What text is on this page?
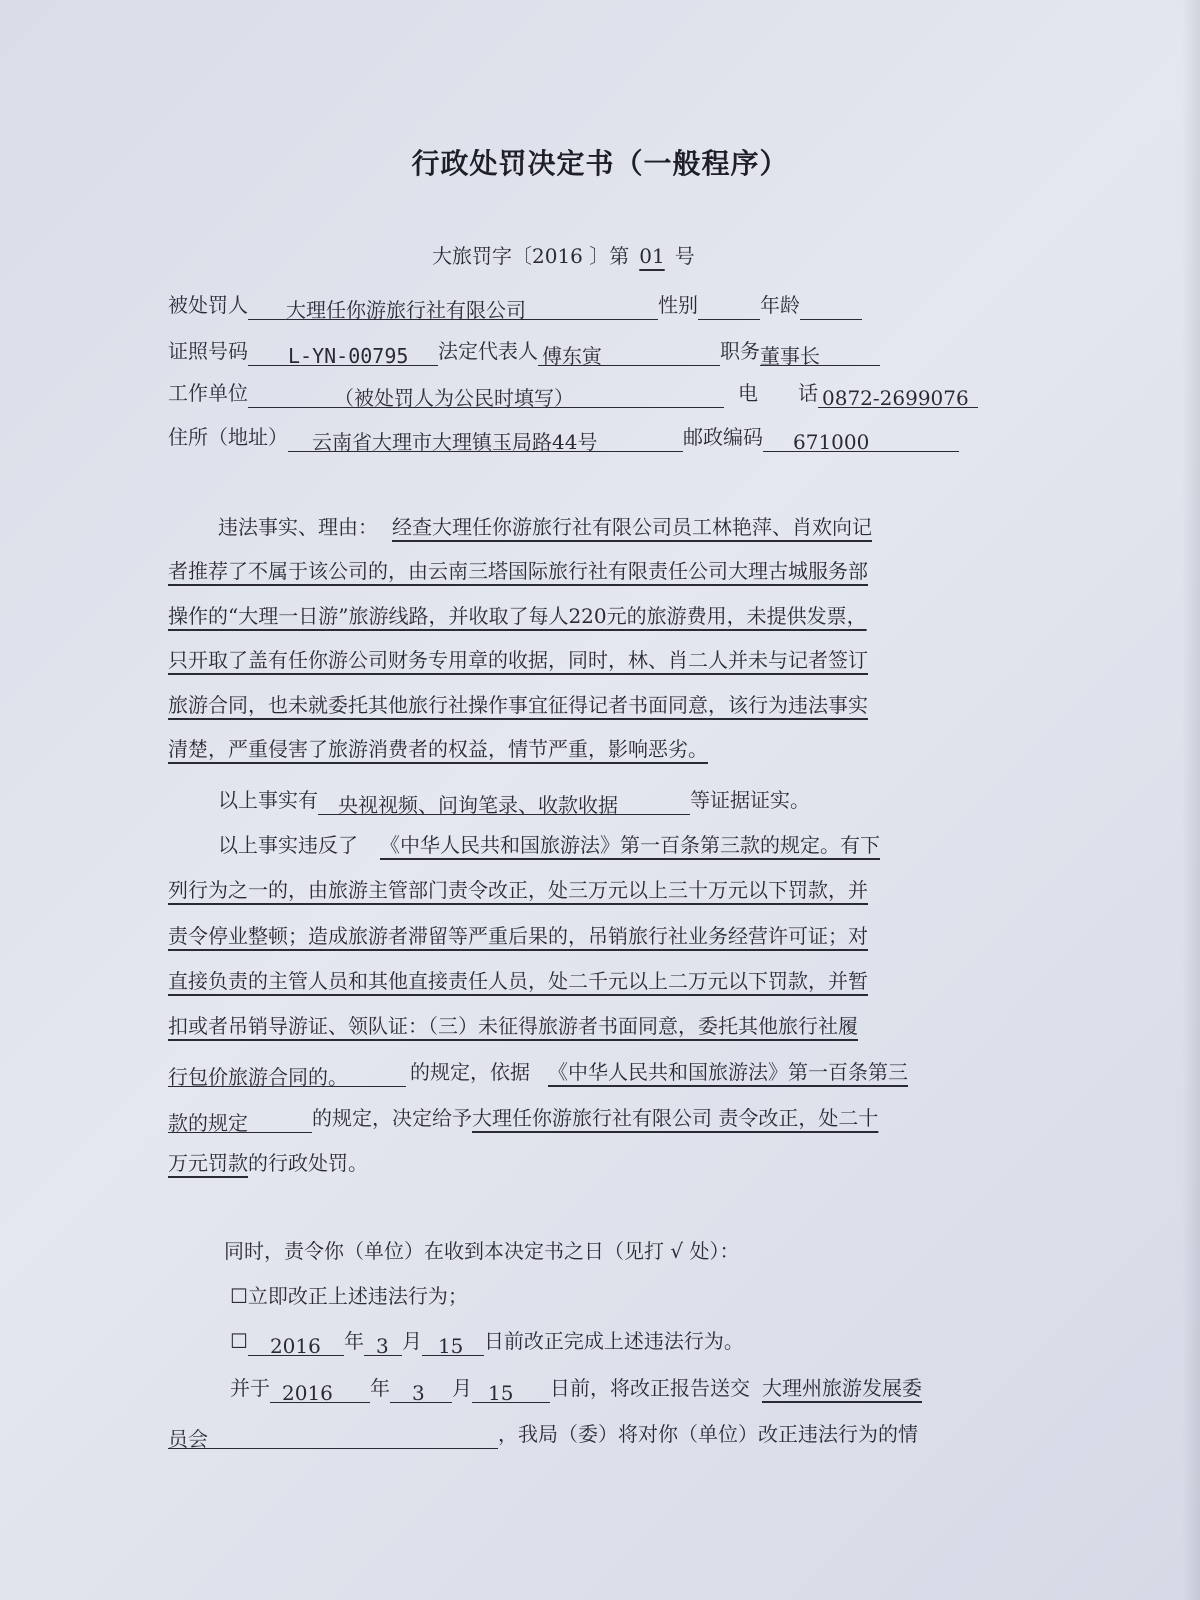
行政处罚决定书（一般程序）
大旅罚字〔2016 〕第 01 号
被处罚人 大理任你游旅行社有限公司	性别	年龄
证照号码 L-YN-00795 法定代表人 傅东寅	职务董事长
工作单位	（被处罚人为公民时填写）	电　　话 0872-2699076
住所（地址） 云南省大理市大理镇玉局路44号	邮政编码 671000
违法事实、理由： 经查大理任你游旅行社有限公司员工林艳萍、肖欢向记
者推荐了不属于该公司的，由云南三塔国际旅行社有限责任公司大理古城服务部
操作的“大理一日游”旅游线路，并收取了每人220元的旅游费用，未提供发票，
只开取了盖有任你游公司财务专用章的收据，同时，林、肖二人并未与记者签订
旅游合同，也未就委托其他旅行社操作事宜征得记者书面同意，该行为违法事实
清楚，严重侵害了旅游消费者的权益，情节严重，影响恶劣。
以上事实有 央视视频、问询笔录、收款收据	等证据证实。
以上事实违反了 《中华人民共和国旅游法》第一百条第三款的规定。有下
列行为之一的，由旅游主管部门责令改正，处三万元以上三十万元以下罚款，并
责令停业整顿；造成旅游者滞留等严重后果的，吊销旅行社业务经营许可证；对
直接负责的主管人员和其他直接责任人员，处二千元以上二万元以下罚款，并暂
扣或者吊销导游证、领队证：（三）未征得旅游者书面同意，委托其他旅行社履
行包价旅游合同的。	的规定，依据 《中华人民共和国旅游法》第一百条第三
款的规定	的规定，决定给予大理任你游旅行社有限公司 责令改正，处二十
万元罚款的行政处罚。
同时，责令你（单位）在收到本决定书之日（见打 √ 处）：
☐立即改正上述违法行为；
☐ 2016 年 3 月 15 日前改正完成上述违法行为。
并于 2016 年 3 月 15 日前，将改正报告送交 大理州旅游发展委
员会	，我局（委）将对你（单位）改正违法行为的情
